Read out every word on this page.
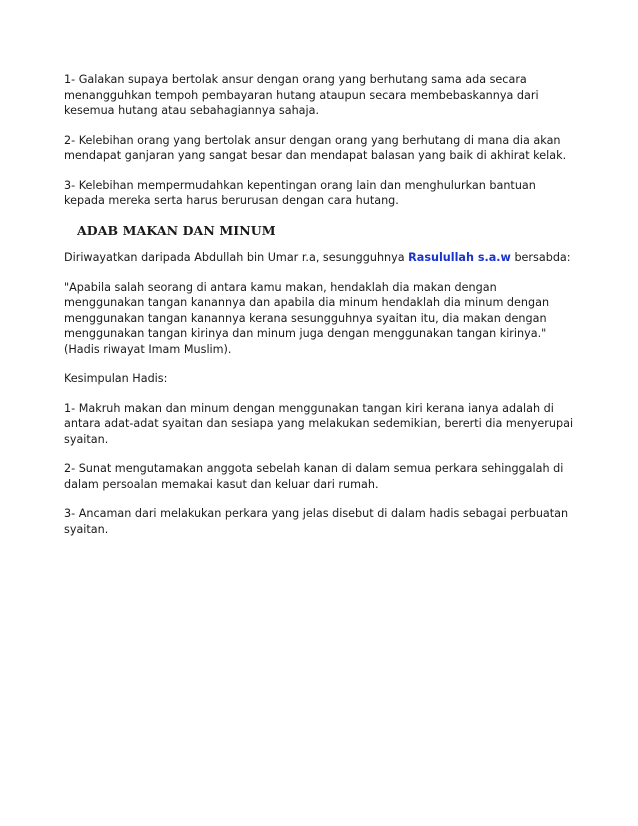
1- Galakan supaya bertolak ansur dengan orang yang berhutang sama ada secara menangguhkan tempoh pembayaran hutang ataupun secara membebaskannya dari kesemua hutang atau sebahagiannya sahaja.

2- Kelebihan orang yang bertolak ansur dengan orang yang berhutang di mana dia akan mendapat ganjaran yang sangat besar dan mendapat balasan yang baik di akhirat kelak.

3- Kelebihan mempermudahkan kepentingan orang lain dan menghulurkan bantuan kepada mereka serta harus berurusan dengan cara hutang.

ADAB MAKAN DAN MINUM

Diriwayatkan daripada Abdullah bin Umar r.a, sesungguhnya Rasulullah s.a.w bersabda:

"Apabila salah seorang di antara kamu makan, hendaklah dia makan dengan menggunakan tangan kanannya dan apabila dia minum hendaklah dia minum dengan menggunakan tangan kanannya kerana sesungguhnya syaitan itu, dia makan dengan menggunakan tangan kirinya dan minum juga dengan menggunakan tangan kirinya." (Hadis riwayat Imam Muslim).

Kesimpulan Hadis:

1- Makruh makan dan minum dengan menggunakan tangan kiri kerana ianya adalah di antara adat-adat syaitan dan sesiapa yang melakukan sedemikian, bererti dia menyerupai syaitan.

2- Sunat mengutamakan anggota sebelah kanan di dalam semua perkara sehinggalah di dalam persoalan memakai kasut dan keluar dari rumah.

3- Ancaman dari melakukan perkara yang jelas disebut di dalam hadis sebagai perbuatan syaitan.
